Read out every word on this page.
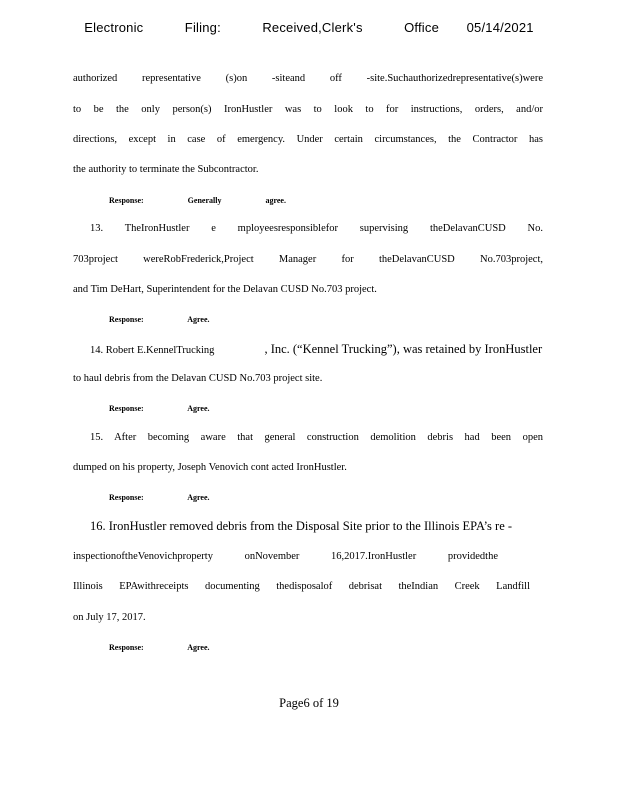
Electronic   Filing:   Received,Clerk's   Office  05/14/2021
authorized representative (s)on -siteand off -site.Suchauthorizedrepresentative(s)were
to be the only person(s) IronHustler was to look to for instructions, orders, and/or
directions, except in case of emergency. Under certain circumstances, the Contractor has
the authority to terminate the Subcontractor.
Response:  Generally  agree.
13. TheIronHustler e mployeesresponsiblefor supervising theDelavanCUSD No.
703project wereRobFrederick,Project Manager for theDelavanCUSD No.703project,
and Tim DeHart, Superintendent for the Delavan CUSD No.703 project.
Response:  Agree.
14. Robert E.KennelTrucking	, Inc. (“Kennel Trucking”), was retained by IronHustler
to haul debris from the Delavan CUSD No.703 project site.
Response:  Agree.
15. After becoming aware that general construction demolition debris had been open
dumped on his property, Joseph Venovich cont acted IronHustler.
Response:  Agree.
16. IronHustler removed debris from the Disposal Site prior to the Illinois EPA’s re -
inspectionoftheVenovichproperty onNovember 16,2017.IronHustler providedthe
Illinois EPAwithreceipts documenting thedisposalof debrisat theIndian Creek Landfill
on July 17, 2017.
Response:  Agree.
Page6 of 19
